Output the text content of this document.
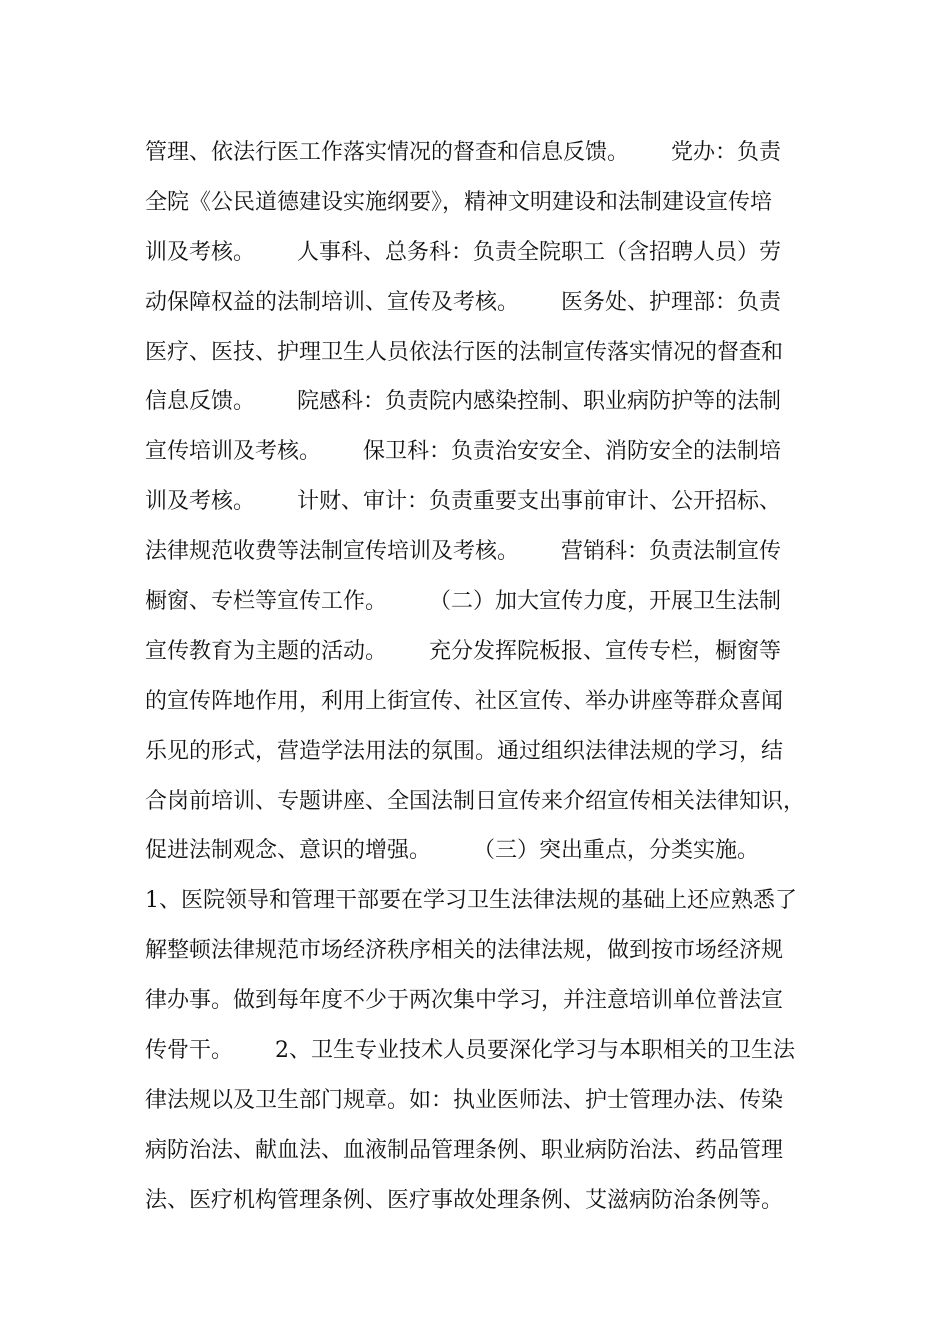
管理、依法行医工作落实情况的督查和信息反馈。      党办：负责
全院《公民道德建设实施纲要》，精神文明建设和法制建设宣传培
训及考核。      人事科、总务科：负责全院职工（含招聘人员）劳
动保障权益的法制培训、宣传及考核。      医务处、护理部：负责
医疗、医技、护理卫生人员依法行医的法制宣传落实情况的督查和
信息反馈。      院感科：负责院内感染控制、职业病防护等的法制
宣传培训及考核。      保卫科：负责治安安全、消防安全的法制培
训及考核。      计财、审计：负责重要支出事前审计、公开招标、
法律规范收费等法制宣传培训及考核。      营销科：负责法制宣传
橱窗、专栏等宣传工作。      （二）加大宣传力度，开展卫生法制
宣传教育为主题的活动。      充分发挥院板报、宣传专栏，橱窗等
的宣传阵地作用，利用上街宣传、社区宣传、举办讲座等群众喜闻
乐见的形式，营造学法用法的氛围。通过组织法律法规的学习，结
合岗前培训、专题讲座、全国法制日宣传来介绍宣传相关法律知识，
促进法制观念、意识的增强。      （三）突出重点，分类实施。
1、医院领导和管理干部要在学习卫生法律法规的基础上还应熟悉了
解整顿法律规范市场经济秩序相关的法律法规，做到按市场经济规
律办事。做到每年度不少于两次集中学习，并注意培训单位普法宣
传骨干。      2、卫生专业技术人员要深化学习与本职相关的卫生法
律法规以及卫生部门规章。如：执业医师法、护士管理办法、传染
病防治法、献血法、血液制品管理条例、职业病防治法、药品管理
法、医疗机构管理条例、医疗事故处理条例、艾滋病防治条例等。
